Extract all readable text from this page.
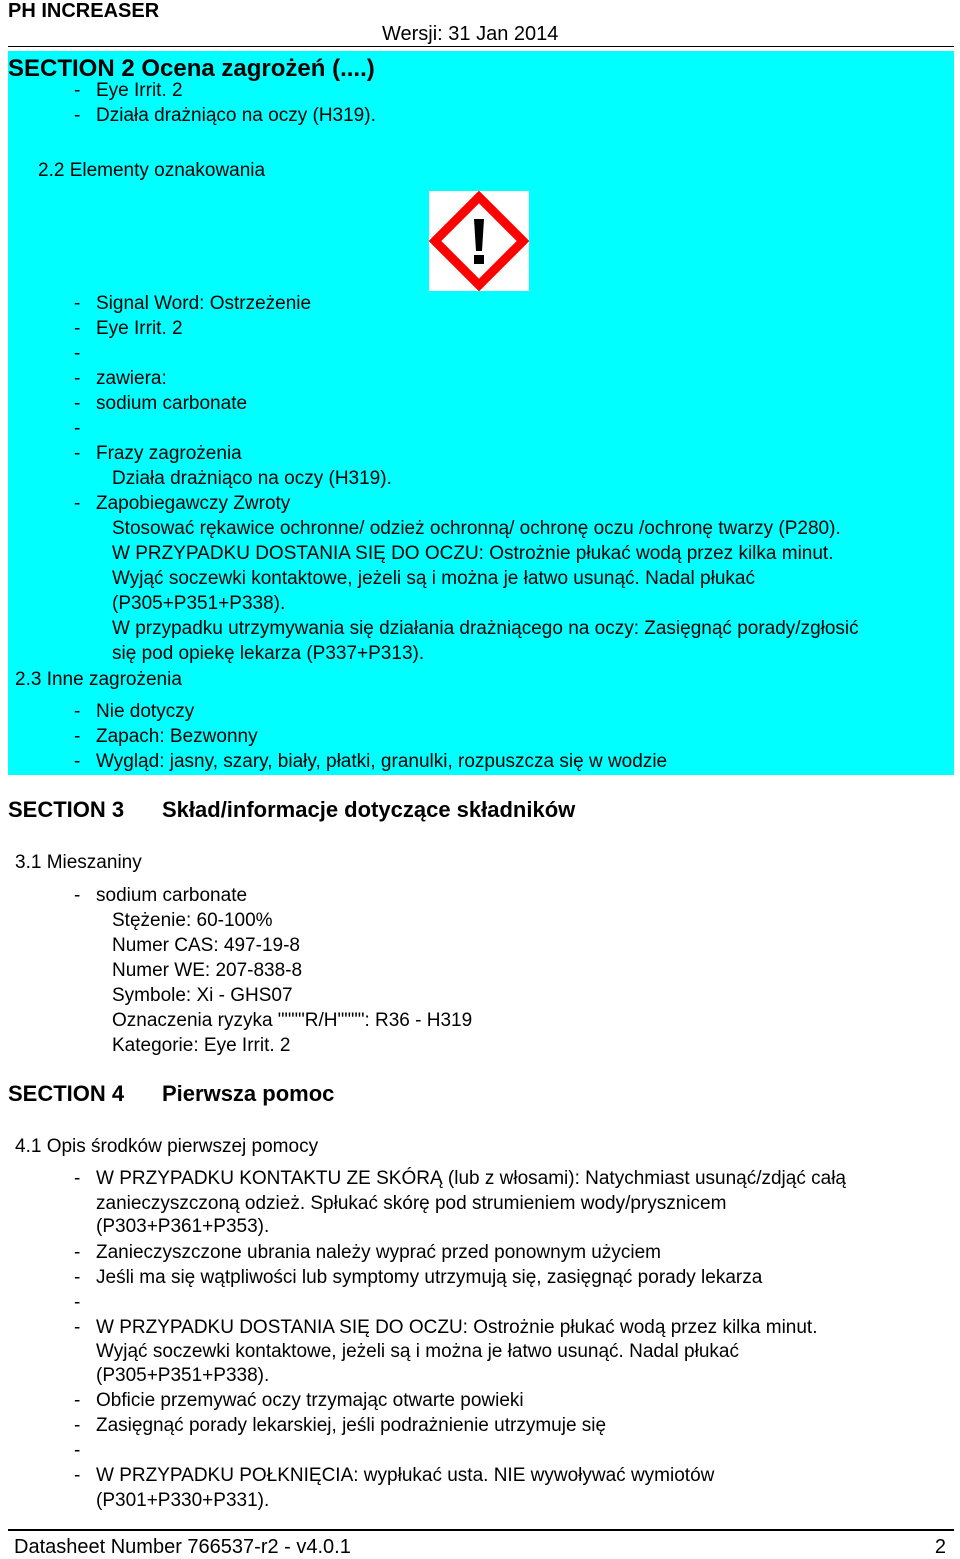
PH INCREASER
Wersji: 31 Jan 2014
SECTION 2 Ocena zagrożeń (....)
- Eye Irrit. 2
- Działa drażniąco na oczy (H319).
2.2 Elementy oznakowania
- Signal Word: Ostrzeżenie
- Eye Irrit. 2
-
- zawiera:
- sodium carbonate
-
- Frazy zagrożenia
Działa drażniąco na oczy (H319).
- Zapobiegawczy Zwroty
Stosować rękawice ochronne/ odzież ochronną/ ochronę oczu /ochronę twarzy (P280).
W PRZYPADKU DOSTANIA SIĘ DO OCZU: Ostrożnie płukać wodą przez kilka minut.
Wyjąć soczewki kontaktowe, jeżeli są i można je łatwo usunąć. Nadal płukać
(P305+P351+P338).
W przypadku utrzymywania się działania drażniącego na oczy: Zasięgnąć porady/zgłosić
się pod opiekę lekarza (P337+P313).
2.3 Inne zagrożenia
- Nie dotyczy
- Zapach: Bezwonny
- Wygląd: jasny, szary, biały, płatki, granulki, rozpuszcza się w wodzie
SECTION 3 Skład/informacje dotyczące składników
3.1 Mieszaniny
- sodium carbonate
Stężenie: 60-100%
Numer CAS: 497-19-8
Numer WE: 207-838-8
Symbole: Xi - GHS07
Oznaczenia ryzyka """"R/H"""": R36 - H319
Kategorie: Eye Irrit. 2
SECTION 4 Pierwsza pomoc
4.1 Opis środków pierwszej pomocy
- W PRZYPADKU KONTAKTU ZE SKÓRĄ (lub z włosami): Natychmiast usunąć/zdjąć całą
zanieczyszczoną odzież. Spłukać skórę pod strumieniem wody/prysznicem
(P303+P361+P353).
- Zanieczyszczone ubrania należy wyprać przed ponownym użyciem
- Jeśli ma się wątpliwości lub symptomy utrzymują się, zasięgnąć porady lekarza
-
- W PRZYPADKU DOSTANIA SIĘ DO OCZU: Ostrożnie płukać wodą przez kilka minut.
Wyjąć soczewki kontaktowe, jeżeli są i można je łatwo usunąć. Nadal płukać
(P305+P351+P338).
- Obficie przemywać oczy trzymając otwarte powieki
- Zasięgnąć porady lekarskiej, jeśli podrażnienie utrzymuje się
-
- W PRZYPADKU POŁKNIĘCIA: wypłukać usta. NIE wywoływać wymiotów
(P301+P330+P331).
Datasheet Number 766537-r2 - v4.0.1	2
